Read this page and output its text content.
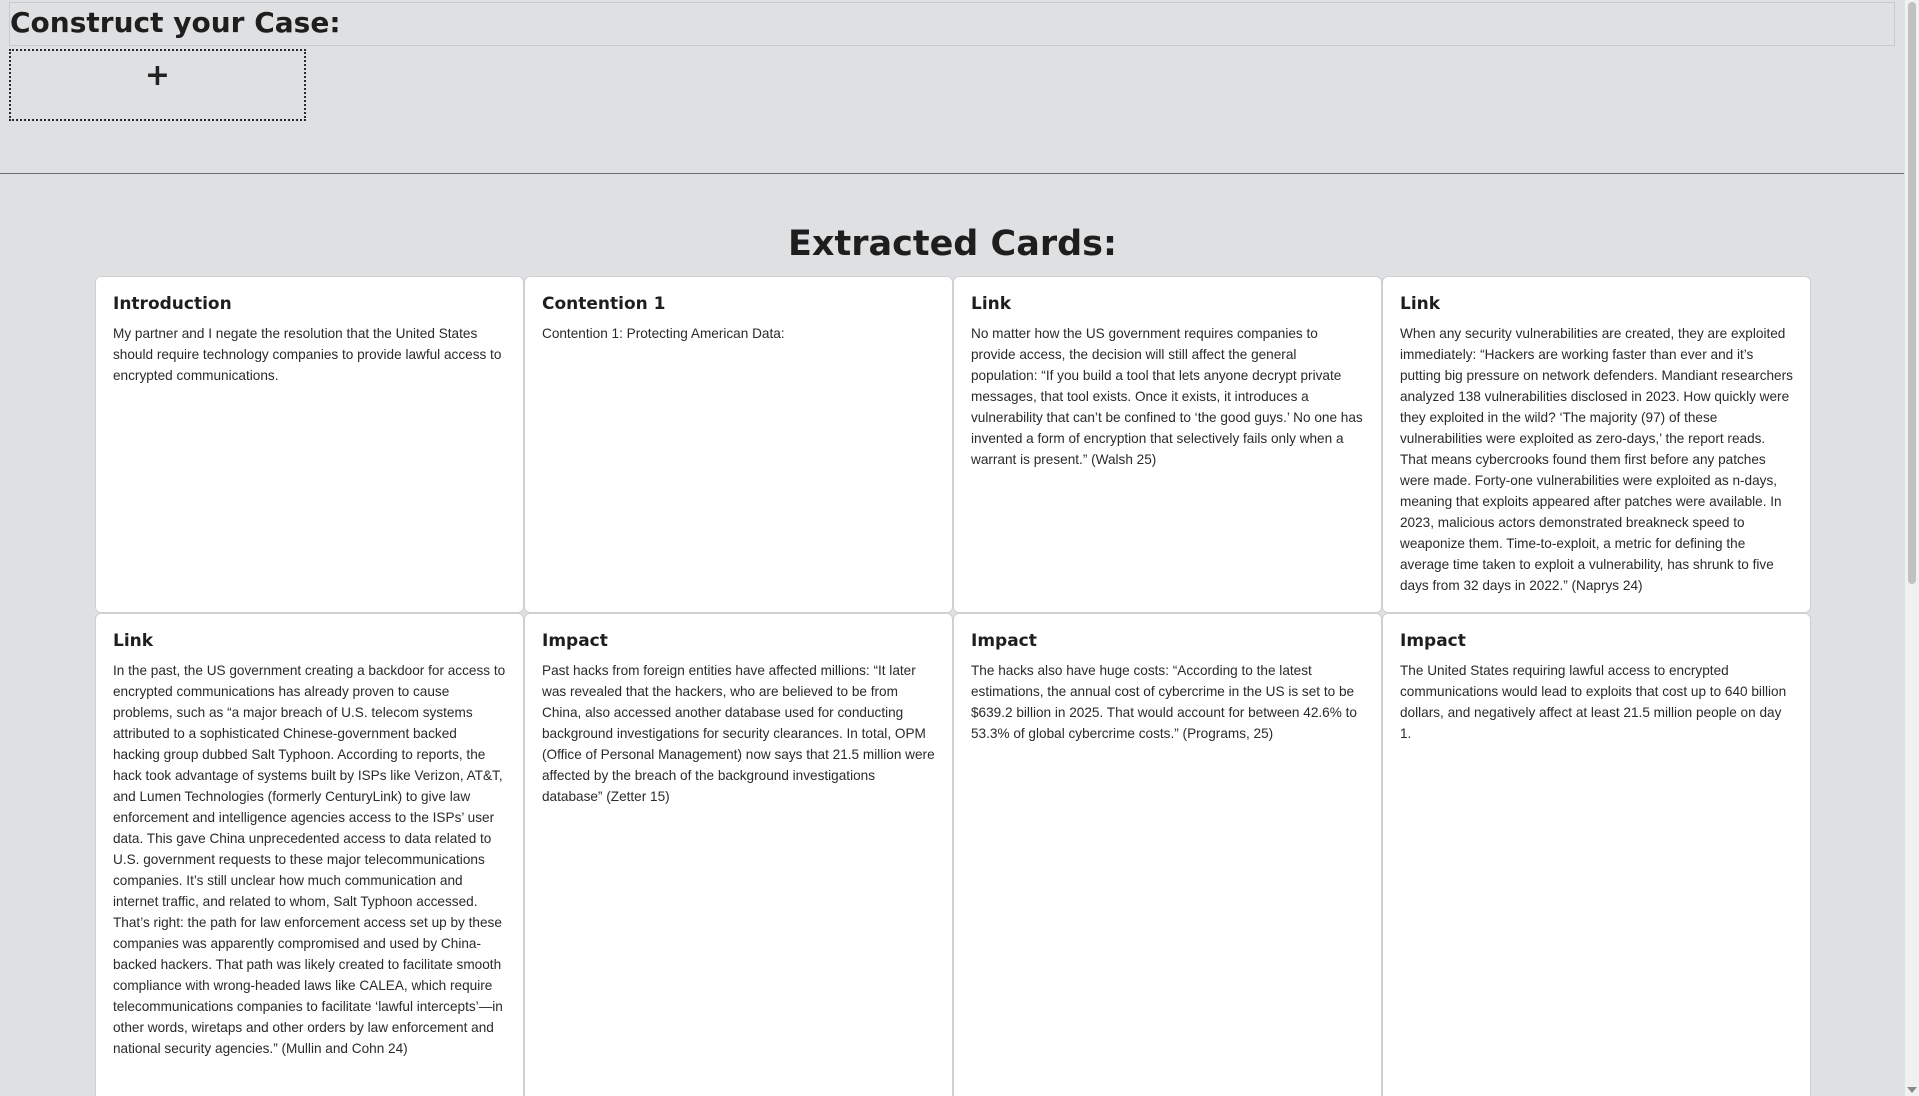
Construct your Case:
+
Extracted Cards:
Introduction

My partner and I negate the resolution that the United States should require technology companies to provide lawful access to encrypted communications.

Contention 1

Contention 1: Protecting American Data:

Link

No matter how the US government requires companies to provide access, the decision will still affect the general population: “If you build a tool that lets anyone decrypt private messages, that tool exists. Once it exists, it introduces a vulnerability that can’t be confined to ‘the good guys.’ No one has invented a form of encryption that selectively fails only when a warrant is present.” (Walsh 25)

Link

When any security vulnerabilities are created, they are exploited immediately: “Hackers are working faster than ever and it’s putting big pressure on network defenders. Mandiant researchers analyzed 138 vulnerabilities disclosed in 2023. How quickly were they exploited in the wild? ‘The majority (97) of these vulnerabilities were exploited as zero-days,’ the report reads. That means cybercrooks found them first before any patches were made. Forty-one vulnerabilities were exploited as n-days, meaning that exploits appeared after patches were available. In 2023, malicious actors demonstrated breakneck speed to weaponize them. Time-to-exploit, a metric for defining the average time taken to exploit a vulnerability, has shrunk to five days from 32 days in 2022.” (Naprys 24)

Link

In the past, the US government creating a backdoor for access to encrypted communications has already proven to cause problems, such as “a major breach of U.S. telecom systems attributed to a sophisticated Chinese-government backed hacking group dubbed Salt Typhoon. According to reports, the hack took advantage of systems built by ISPs like Verizon, AT&T, and Lumen Technologies (formerly CenturyLink) to give law enforcement and intelligence agencies access to the ISPs’ user data. This gave China unprecedented access to data related to U.S. government requests to these major telecommunications companies. It’s still unclear how much communication and internet traffic, and related to whom, Salt Typhoon accessed. That’s right: the path for law enforcement access set up by these companies was apparently compromised and used by China-backed hackers. That path was likely created to facilitate smooth compliance with wrong-headed laws like CALEA, which require telecommunications companies to facilitate ‘lawful intercepts’—in other words, wiretaps and other orders by law enforcement and national security agencies.” (Mullin and Cohn 24)

Impact

Past hacks from foreign entities have affected millions: “It later was revealed that the hackers, who are believed to be from China, also accessed another database used for conducting background investigations for security clearances. In total, OPM (Office of Personal Management) now says that 21.5 million were affected by the breach of the background investigations database” (Zetter 15)

Impact

The hacks also have huge costs: “According to the latest estimations, the annual cost of cybercrime in the US is set to be $639.2 billion in 2025. That would account for between 42.6% to 53.3% of global cybercrime costs.” (Programs, 25)

Impact

The United States requiring lawful access to encrypted communications would lead to exploits that cost up to 640 billion dollars, and negatively affect at least 21.5 million people on day 1.
